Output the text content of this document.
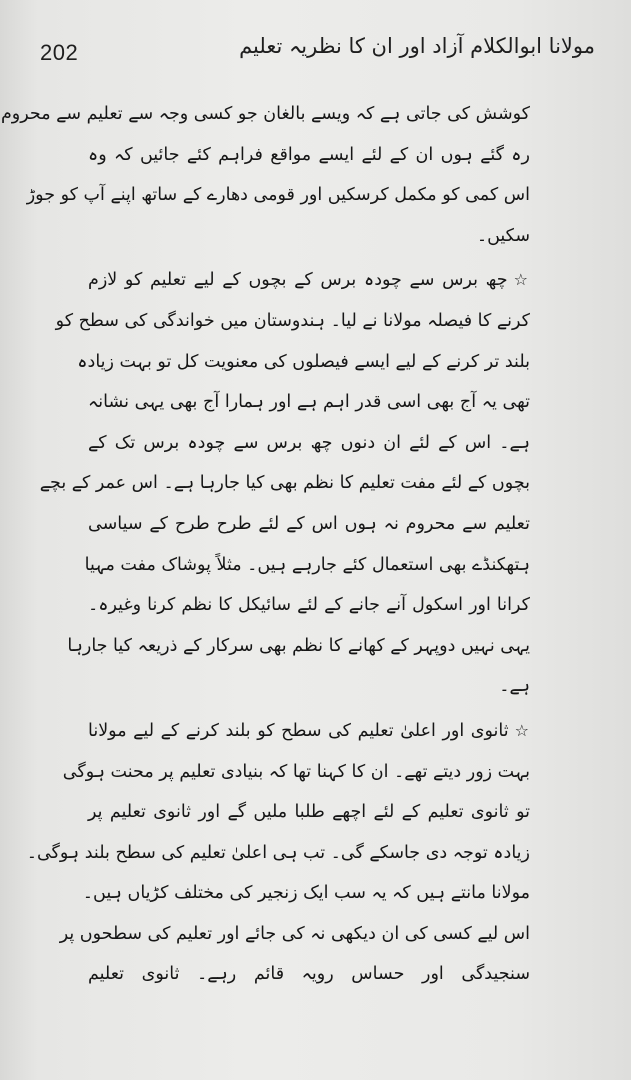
202	مولانا ابوالکلام آزاد اور ان کا نظریہ تعلیم

کوشش کی جاتی ہے کہ ویسے بالغان جو کسی وجہ سے تعلیم سے محروم
رہ گئے ہوں ان کے لئے ایسے مواقع فراہم کئے جائیں کہ وہ
اس کمی کو مکمل کرسکیں اور قومی دھارے کے ساتھ اپنے آپ کو جوڑ
سکیں۔

☆چھ برس سے چودہ برس کے بچوں کے لیے تعلیم کو لازم
کرنے کا فیصلہ مولانا نے لیا۔ ہندوستان میں خواندگی کی سطح کو
بلند تر کرنے کے لیے ایسے فیصلوں کی معنویت کل تو بہت زیادہ
تھی یہ آج بھی اسی قدر اہم ہے اور ہمارا آج بھی یہی نشانہ
ہے۔ اس کے لئے ان دنوں چھ برس سے چودہ برس تک کے
بچوں کے لئے مفت تعلیم کا نظم بھی کیا جارہا ہے۔ اس عمر کے بچے
تعلیم سے محروم نہ ہوں اس کے لئے طرح طرح کے سیاسی
ہتھکنڈے بھی استعمال کئے جارہے ہیں۔ مثلاً پوشاک مفت مہیا
کرانا اور اسکول آنے جانے کے لئے سائیکل کا نظم کرنا وغیرہ۔
یہی نہیں دوپہر کے کھانے کا نظم بھی سرکار کے ذریعہ کیا جارہا
ہے۔

☆ثانوی اور اعلیٰ تعلیم کی سطح کو بلند کرنے کے لیے مولانا
بہت زور دیتے تھے۔ ان کا کہنا تھا کہ بنیادی تعلیم پر محنت ہوگی
تو ثانوی تعلیم کے لئے اچھے طلبا ملیں گے اور ثانوی تعلیم پر
زیادہ توجہ دی جاسکے گی۔ تب ہی اعلیٰ تعلیم کی سطح بلند ہوگی۔
مولانا مانتے ہیں کہ یہ سب ایک زنجیر کی مختلف کڑیاں ہیں۔
اس لیے کسی کی ان دیکھی نہ کی جائے اور تعلیم کی سطحوں پر
سنجیدگی اور حساس رویہ قائم رہے۔ ثانوی تعلیم
